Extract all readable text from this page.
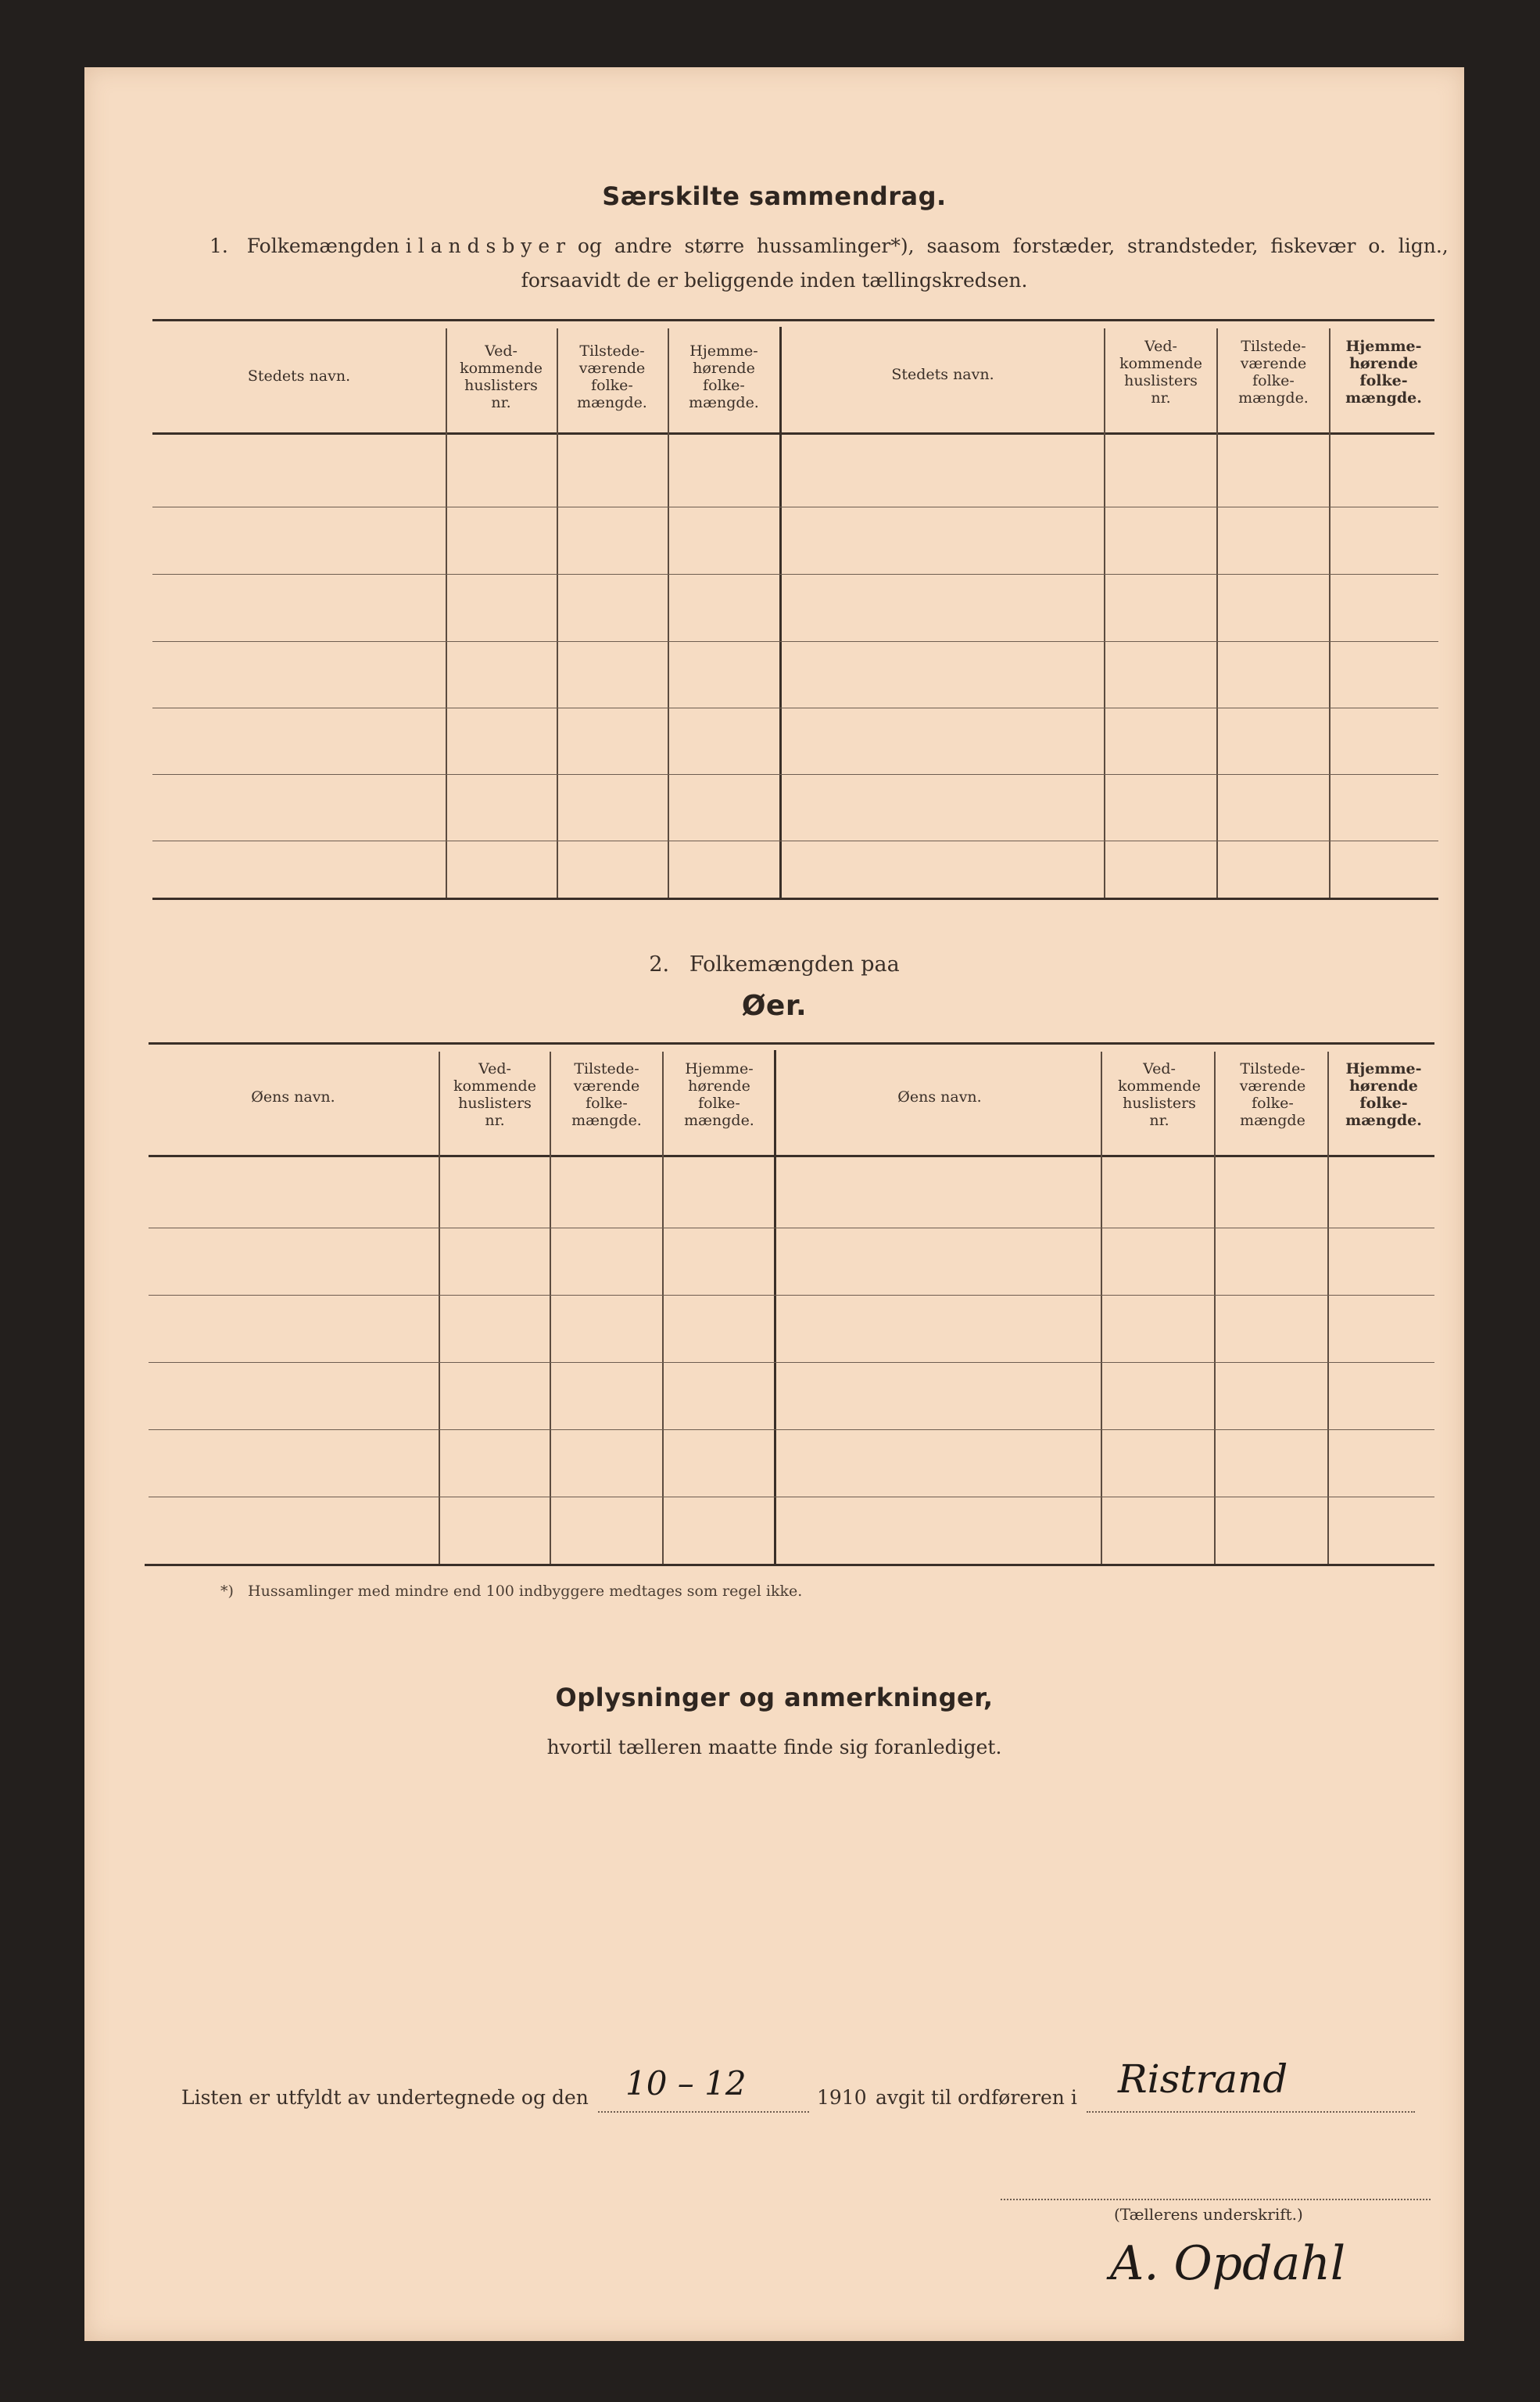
Særskilte sammendrag.
1.   Folkemængden i l a n d s b y e r  og  andre  større  hussamlinger*),  saasom  forstæder,  strandsteder,  fiskevær  o.  lign.,
forsaavidt de er beliggende inden tællingskredsen.
Stedets navn.
Ved-
kommende
huslisters
nr.
Tilstede-
værende
folke-
mængde.
Hjemme-
hørende
folke-
mængde.
Stedets navn.
Ved-
kommende
huslisters
nr.
Tilstede-
værende
folke-
mængde.
Hjemme-
hørende
folke-
mængde.
2.   Folkemængden paa
Øer.
Øens navn.
Ved-
kommende
huslisters
nr.
Tilstede-
værende
folke-
mængde.
Hjemme-
hørende
folke-
mængde.
Øens navn.
Ved-
kommende
huslisters
nr.
Tilstede-
værende
folke-
mængde
Hjemme-
hørende
folke-
mængde.
*)   Hussamlinger med mindre end 100 indbyggere medtages som regel ikke.
Oplysninger og anmerkninger,
hvortil tælleren maatte finde sig foranlediget.
Listen er utfyldt av undertegnede og den 10 – 12	1910 avgit til ordføreren i Ristrand
(Tællerens underskrift.)
A. Opdahl
